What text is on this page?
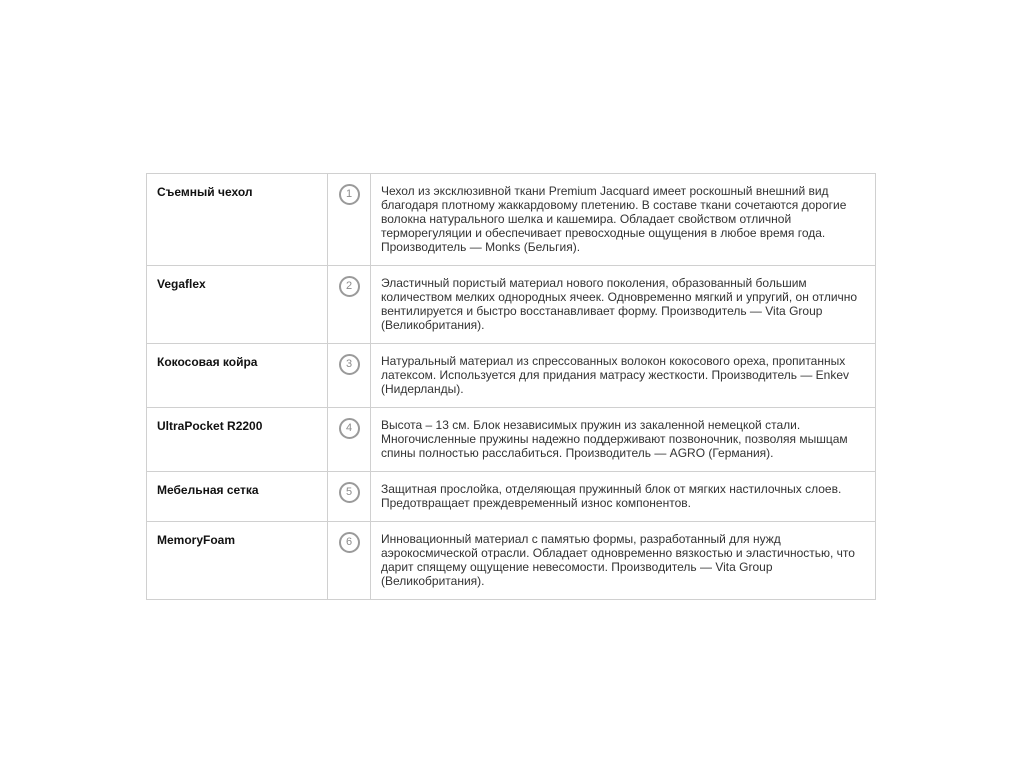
Съемный чехол	1	Чехол из эксклюзивной ткани Premium Jacquard имеет роскошный внешний вид благодаря плотному жаккардовому плетению. В составе ткани сочетаются дорогие волокна натурального шелка и кашемира. Обладает свойством отличной терморегуляции и обеспечивает превосходные ощущения в любое время года. Производитель — Monks (Бельгия).
Vegaflex	2	Эластичный пористый материал нового поколения, образованный большим количеством мелких однородных ячеек. Одновременно мягкий и упругий, он отлично вентилируется и быстро восстанавливает форму. Производитель — Vita Group (Великобритания).
Кокосовая койра	3	Натуральный материал из спрессованных волокон кокосового ореха, пропитанных латексом. Используется для придания матрасу жесткости. Производитель — Enkev (Нидерланды).
UltraPocket R2200	4	Высота – 13 см. Блок независимых пружин из закаленной немецкой стали. Многочисленные пружины надежно поддерживают позвоночник, позволяя мышцам спины полностью расслабиться. Производитель — AGRO (Германия).
Мебельная сетка	5	Защитная прослойка, отделяющая пружинный блок от мягких настилочных слоев. Предотвращает преждевременный износ компонентов.
MemoryFoam	6	Инновационный материал с памятью формы, разработанный для нужд аэрокосмической отрасли. Обладает одновременно вязкостью и эластичностью, что дарит спящему ощущение невесомости. Производитель — Vita Group (Великобритания).
